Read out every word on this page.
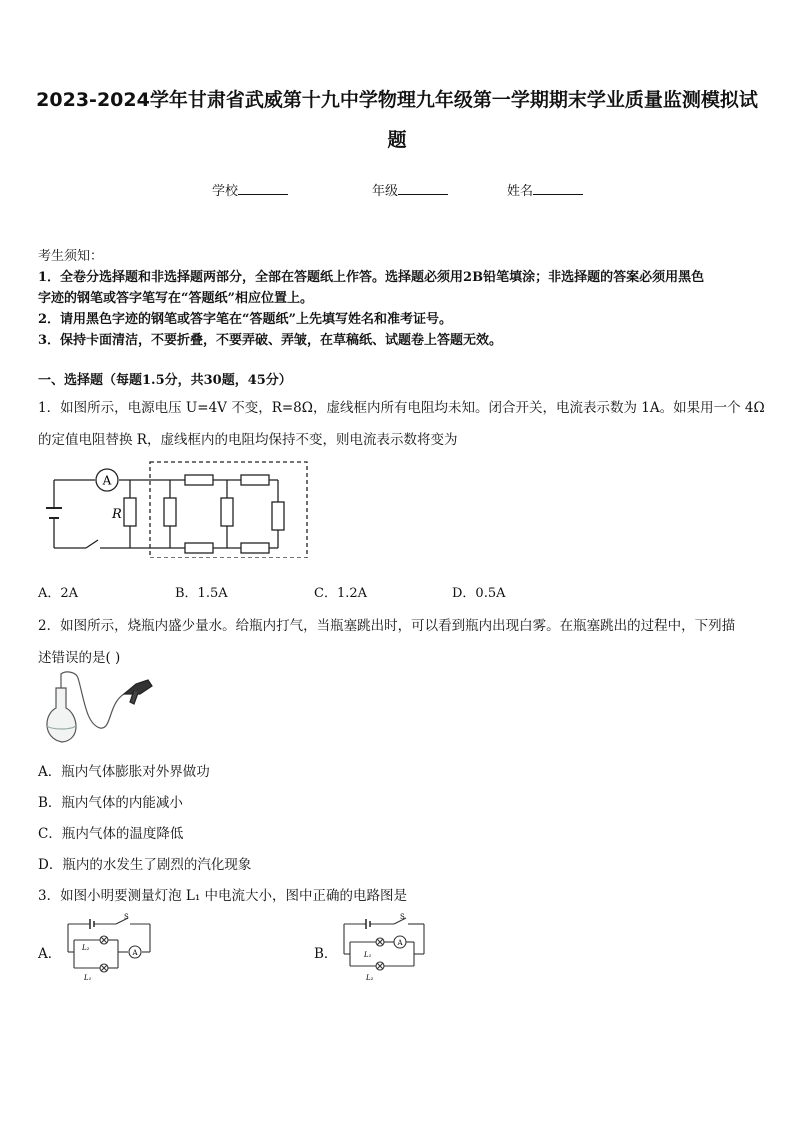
2023-2024学年甘肃省武威第十九中学物理九年级第一学期期末学业质量监测模拟试
题
学校	年级	姓名
考生须知：
1．全卷分选择题和非选择题两部分，全部在答题纸上作答。选择题必须用2B铅笔填涂；非选择题的答案必须用黑色
字迹的钢笔或答字笔写在“答题纸”相应位置上。
2．请用黑色字迹的钢笔或答字笔在“答题纸”上先填写姓名和准考证号。
3．保持卡面清洁，不要折叠，不要弄破、弄皱，在草稿纸、试题卷上答题无效。
一、选择题（每题1.5分，共30题，45分）
1．如图所示，电源电压 U=4V 不变，R=8Ω，虚线框内所有电阻均未知。闭合开关，电流表示数为 1A。如果用一个 4Ω
的定值电阻替换 R，虚线框内的电阻均保持不变，则电流表示数将变为
A
R
A．2A	B．1.5A	C．1.2A	D．0.5A
2．如图所示，烧瓶内盛少量水。给瓶内打气，当瓶塞跳出时，可以看到瓶内出现白雾。在瓶塞跳出的过程中，下列描
述错误的是( )
A．瓶内气体膨胀对外界做功
B．瓶内气体的内能减小
C．瓶内气体的温度降低
D．瓶内的水发生了剧烈的汽化现象
3．如图小明要测量灯泡 L₁ 中电流大小，图中正确的电路图是
A．
S
L₂
L₁
A	B．
S
A
L₁
L₂
